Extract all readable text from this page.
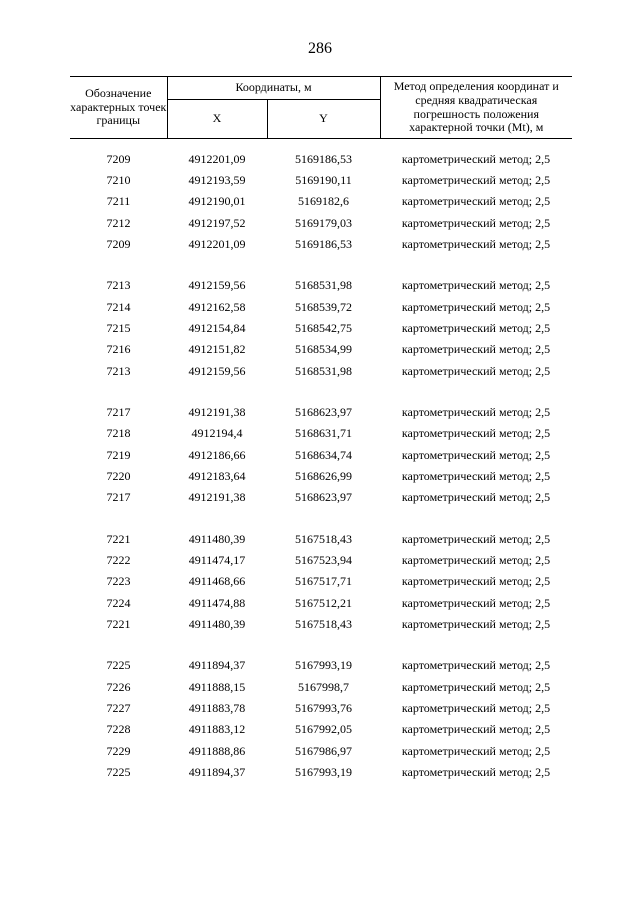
286
Обозначение характерных точек границы	Координаты, м		Метод определения координат и средняя квадратическая погрешность положения характерной точки (Mt), м
	X	Y	

7209	4912201,09	5169186,53	картометрический метод; 2,5
7210	4912193,59	5169190,11	картометрический метод; 2,5
7211	4912190,01	5169182,6	картометрический метод; 2,5
7212	4912197,52	5169179,03	картометрический метод; 2,5
7209	4912201,09	5169186,53	картометрический метод; 2,5

7213	4912159,56	5168531,98	картометрический метод; 2,5
7214	4912162,58	5168539,72	картометрический метод; 2,5
7215	4912154,84	5168542,75	картометрический метод; 2,5
7216	4912151,82	5168534,99	картометрический метод; 2,5
7213	4912159,56	5168531,98	картометрический метод; 2,5

7217	4912191,38	5168623,97	картометрический метод; 2,5
7218	4912194,4	5168631,71	картометрический метод; 2,5
7219	4912186,66	5168634,74	картометрический метод; 2,5
7220	4912183,64	5168626,99	картометрический метод; 2,5
7217	4912191,38	5168623,97	картометрический метод; 2,5

7221	4911480,39	5167518,43	картометрический метод; 2,5
7222	4911474,17	5167523,94	картометрический метод; 2,5
7223	4911468,66	5167517,71	картометрический метод; 2,5
7224	4911474,88	5167512,21	картометрический метод; 2,5
7221	4911480,39	5167518,43	картометрический метод; 2,5

7225	4911894,37	5167993,19	картометрический метод; 2,5
7226	4911888,15	5167998,7	картометрический метод; 2,5
7227	4911883,78	5167993,76	картометрический метод; 2,5
7228	4911883,12	5167992,05	картометрический метод; 2,5
7229	4911888,86	5167986,97	картометрический метод; 2,5
7225	4911894,37	5167993,19	картометрический метод; 2,5
